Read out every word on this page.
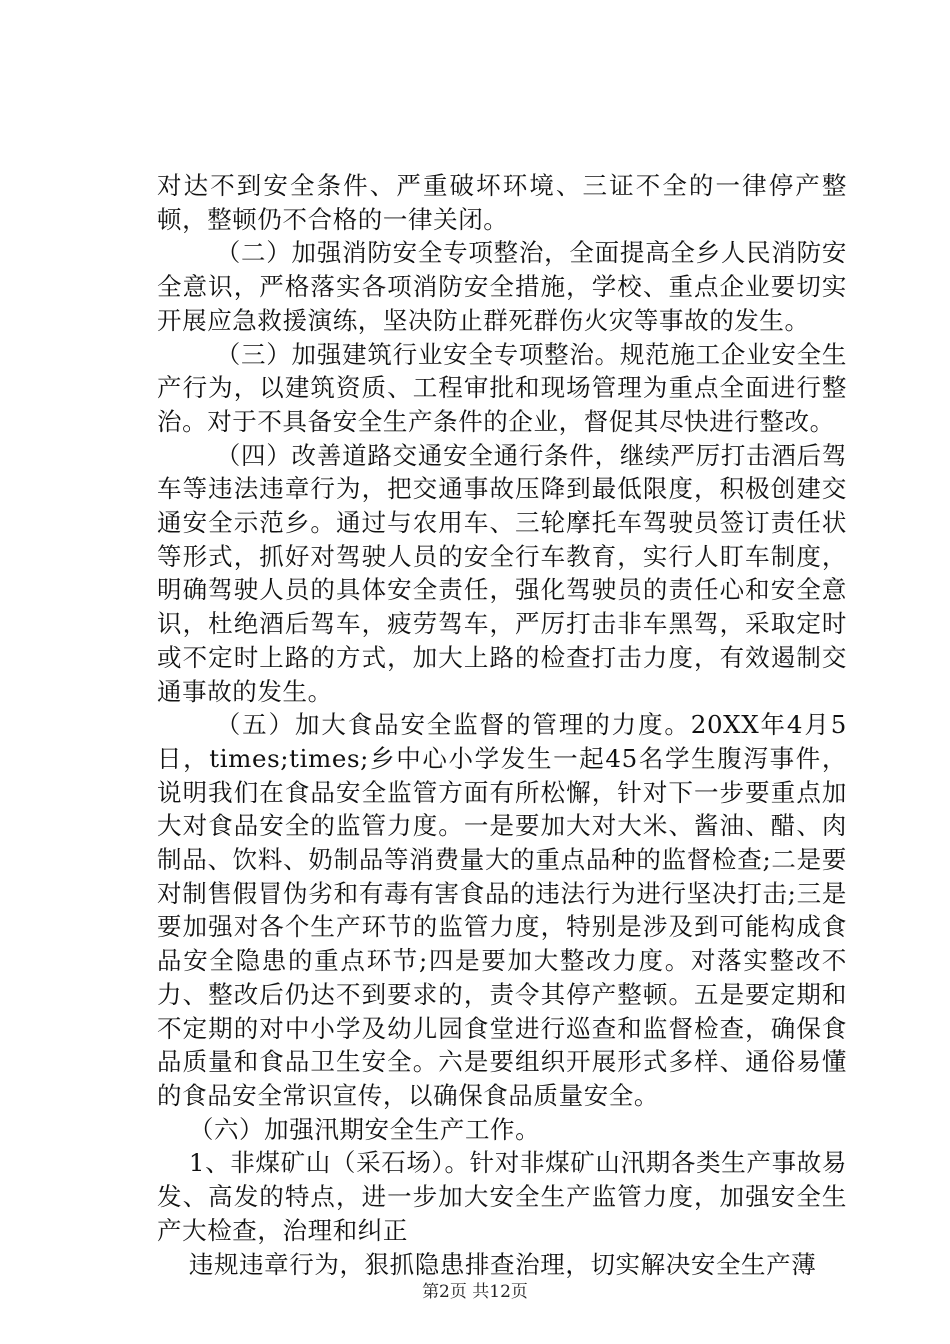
对达不到安全条件、严重破坏环境、三证不全的一律停产整顿，整顿仍不合格的一律关闭。

（二）加强消防安全专项整治，全面提高全乡人民消防安全意识，严格落实各项消防安全措施，学校、重点企业要切实开展应急救援演练，坚决防止群死群伤火灾等事故的发生。

（三）加强建筑行业安全专项整治。规范施工企业安全生产行为，以建筑资质、工程审批和现场管理为重点全面进行整治。对于不具备安全生产条件的企业，督促其尽快进行整改。

（四）改善道路交通安全通行条件，继续严厉打击酒后驾车等违法违章行为，把交通事故压降到最低限度，积极创建交通安全示范乡。通过与农用车、三轮摩托车驾驶员签订责任状等形式，抓好对驾驶人员的安全行车教育，实行人盯车制度，明确驾驶人员的具体安全责任，强化驾驶员的责任心和安全意识，杜绝酒后驾车，疲劳驾车，严厉打击非车黑驾，采取定时或不定时上路的方式，加大上路的检查打击力度，有效遏制交通事故的发生。

（五）加大食品安全监督的管理的力度。20XX年4月5日，times;times;乡中心小学发生一起45名学生腹泻事件，说明我们在食品安全监管方面有所松懈，针对下一步要重点加大对食品安全的监管力度。一是要加大对大米、酱油、醋、肉制品、饮料、奶制品等消费量大的重点品种的监督检查;二是要对制售假冒伪劣和有毒有害食品的违法行为进行坚决打击;三是要加强对各个生产环节的监管力度，特别是涉及到可能构成食品安全隐患的重点环节;四是要加大整改力度。对落实整改不力、整改后仍达不到要求的，责令其停产整顿。五是要定期和不定期的对中小学及幼儿园食堂进行巡查和监督检查，确保食品质量和食品卫生安全。六是要组织开展形式多样、通俗易懂的食品安全常识宣传，以确保食品质量安全。

（六）加强汛期安全生产工作。

1、非煤矿山（采石场）。针对非煤矿山汛期各类生产事故易发、高发的特点，进一步加大安全生产监管力度，加强安全生产大检查，治理和纠正

违规违章行为，狠抓隐患排查治理，切实解决安全生产薄

第2页 共12页
